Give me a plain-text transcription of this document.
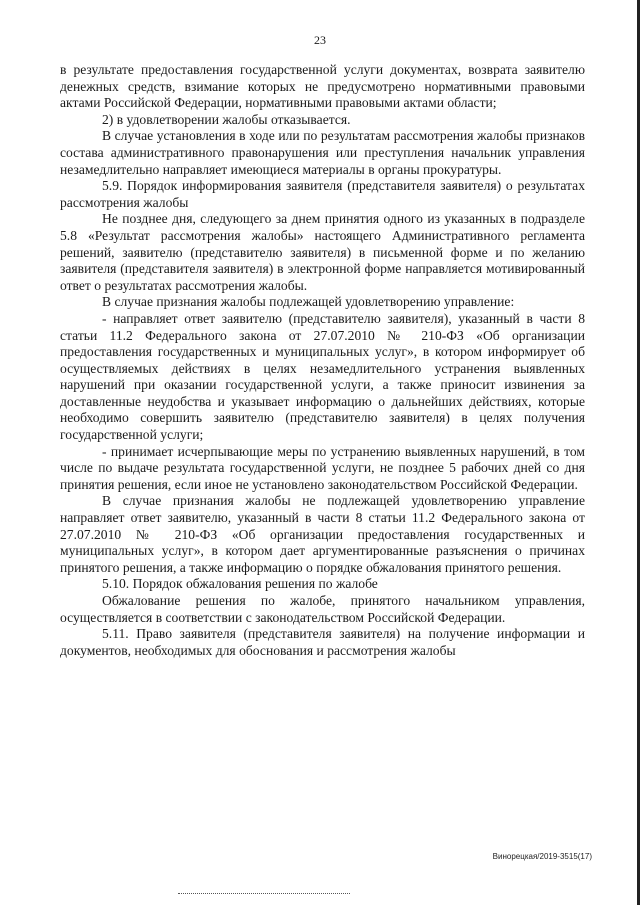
23

в результате предоставления государственной услуги документах, возврата заявителю денежных средств, взимание которых не предусмотрено нормативными правовыми актами Российской Федерации, нормативными правовыми актами области;

2) в удовлетворении жалобы отказывается.

В случае установления в ходе или по результатам рассмотрения жалобы признаков состава административного правонарушения или преступления начальник управления незамедлительно направляет имеющиеся материалы в органы прокуратуры.

5.9. Порядок информирования заявителя (представителя заявителя) о результатах рассмотрения жалобы

Не позднее дня, следующего за днем принятия одного из указанных в подразделе 5.8 «Результат рассмотрения жалобы» настоящего Административного регламента решений, заявителю (представителю заявителя) в письменной форме и по желанию заявителя (представителя заявителя) в электронной форме направляется мотивированный ответ о результатах рассмотрения жалобы.

В случае признания жалобы подлежащей удовлетворению управление:

- направляет ответ заявителю (представителю заявителя), указанный в части 8 статьи 11.2 Федерального закона от 27.07.2010 № 210-ФЗ «Об организации предоставления государственных и муниципальных услуг», в котором информирует об осуществляемых действиях в целях незамедлительного устранения выявленных нарушений при оказании государственной услуги, а также приносит извинения за доставленные неудобства и указывает информацию о дальнейших действиях, которые необходимо совершить заявителю (представителю заявителя) в целях получения государственной услуги;

- принимает исчерпывающие меры по устранению выявленных нарушений, в том числе по выдаче результата государственной услуги, не позднее 5 рабочих дней со дня принятия решения, если иное не установлено законодательством Российской Федерации.

В случае признания жалобы не подлежащей удовлетворению управление направляет ответ заявителю, указанный в части 8 статьи 11.2 Федерального закона от 27.07.2010 № 210-ФЗ «Об организации предоставления государственных и муниципальных услуг», в котором дает аргументированные разъяснения о причинах принятого решения, а также информацию о порядке обжалования принятого решения.

5.10. Порядок обжалования решения по жалобе

Обжалование решения по жалобе, принятого начальником управления, осуществляется в соответствии с законодательством Российской Федерации.

5.11. Право заявителя (представителя заявителя) на получение информации и документов, необходимых для обоснования и рассмотрения жалобы

Винорецкая/2019-3515(17)
